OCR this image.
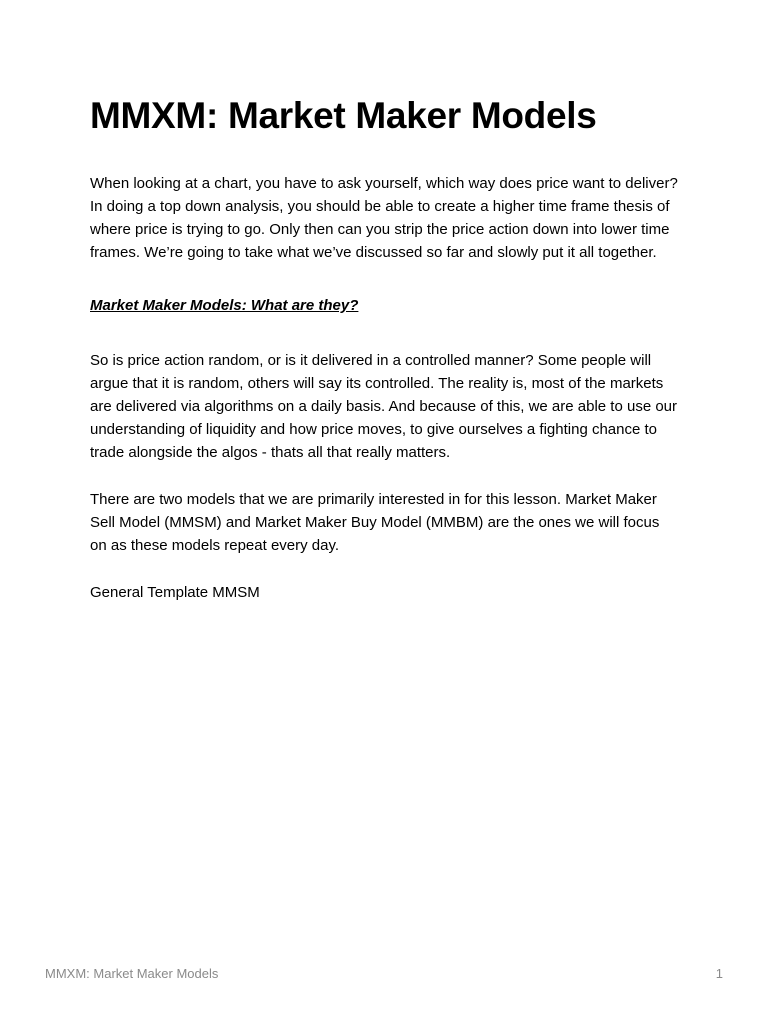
MMXM: Market Maker Models

When looking at a chart, you have to ask yourself, which way does price want to deliver? In doing a top down analysis, you should be able to create a higher time frame thesis of where price is trying to go. Only then can you strip the price action down into lower time frames. We’re going to take what we’ve discussed so far and slowly put it all together.

Market Maker Models: What are they?

So is price action random, or is it delivered in a controlled manner? Some people will argue that it is random, others will say its controlled. The reality is, most of the markets are delivered via algorithms on a daily basis. And because of this, we are able to use our understanding of liquidity and how price moves, to give ourselves a fighting chance to trade alongside the algos - thats all that really matters.

There are two models that we are primarily interested in for this lesson. Market Maker Sell Model (MMSM) and Market Maker Buy Model (MMBM) are the ones we will focus on as these models repeat every day.

General Template MMSM

MMXM: Market Maker Models	1
